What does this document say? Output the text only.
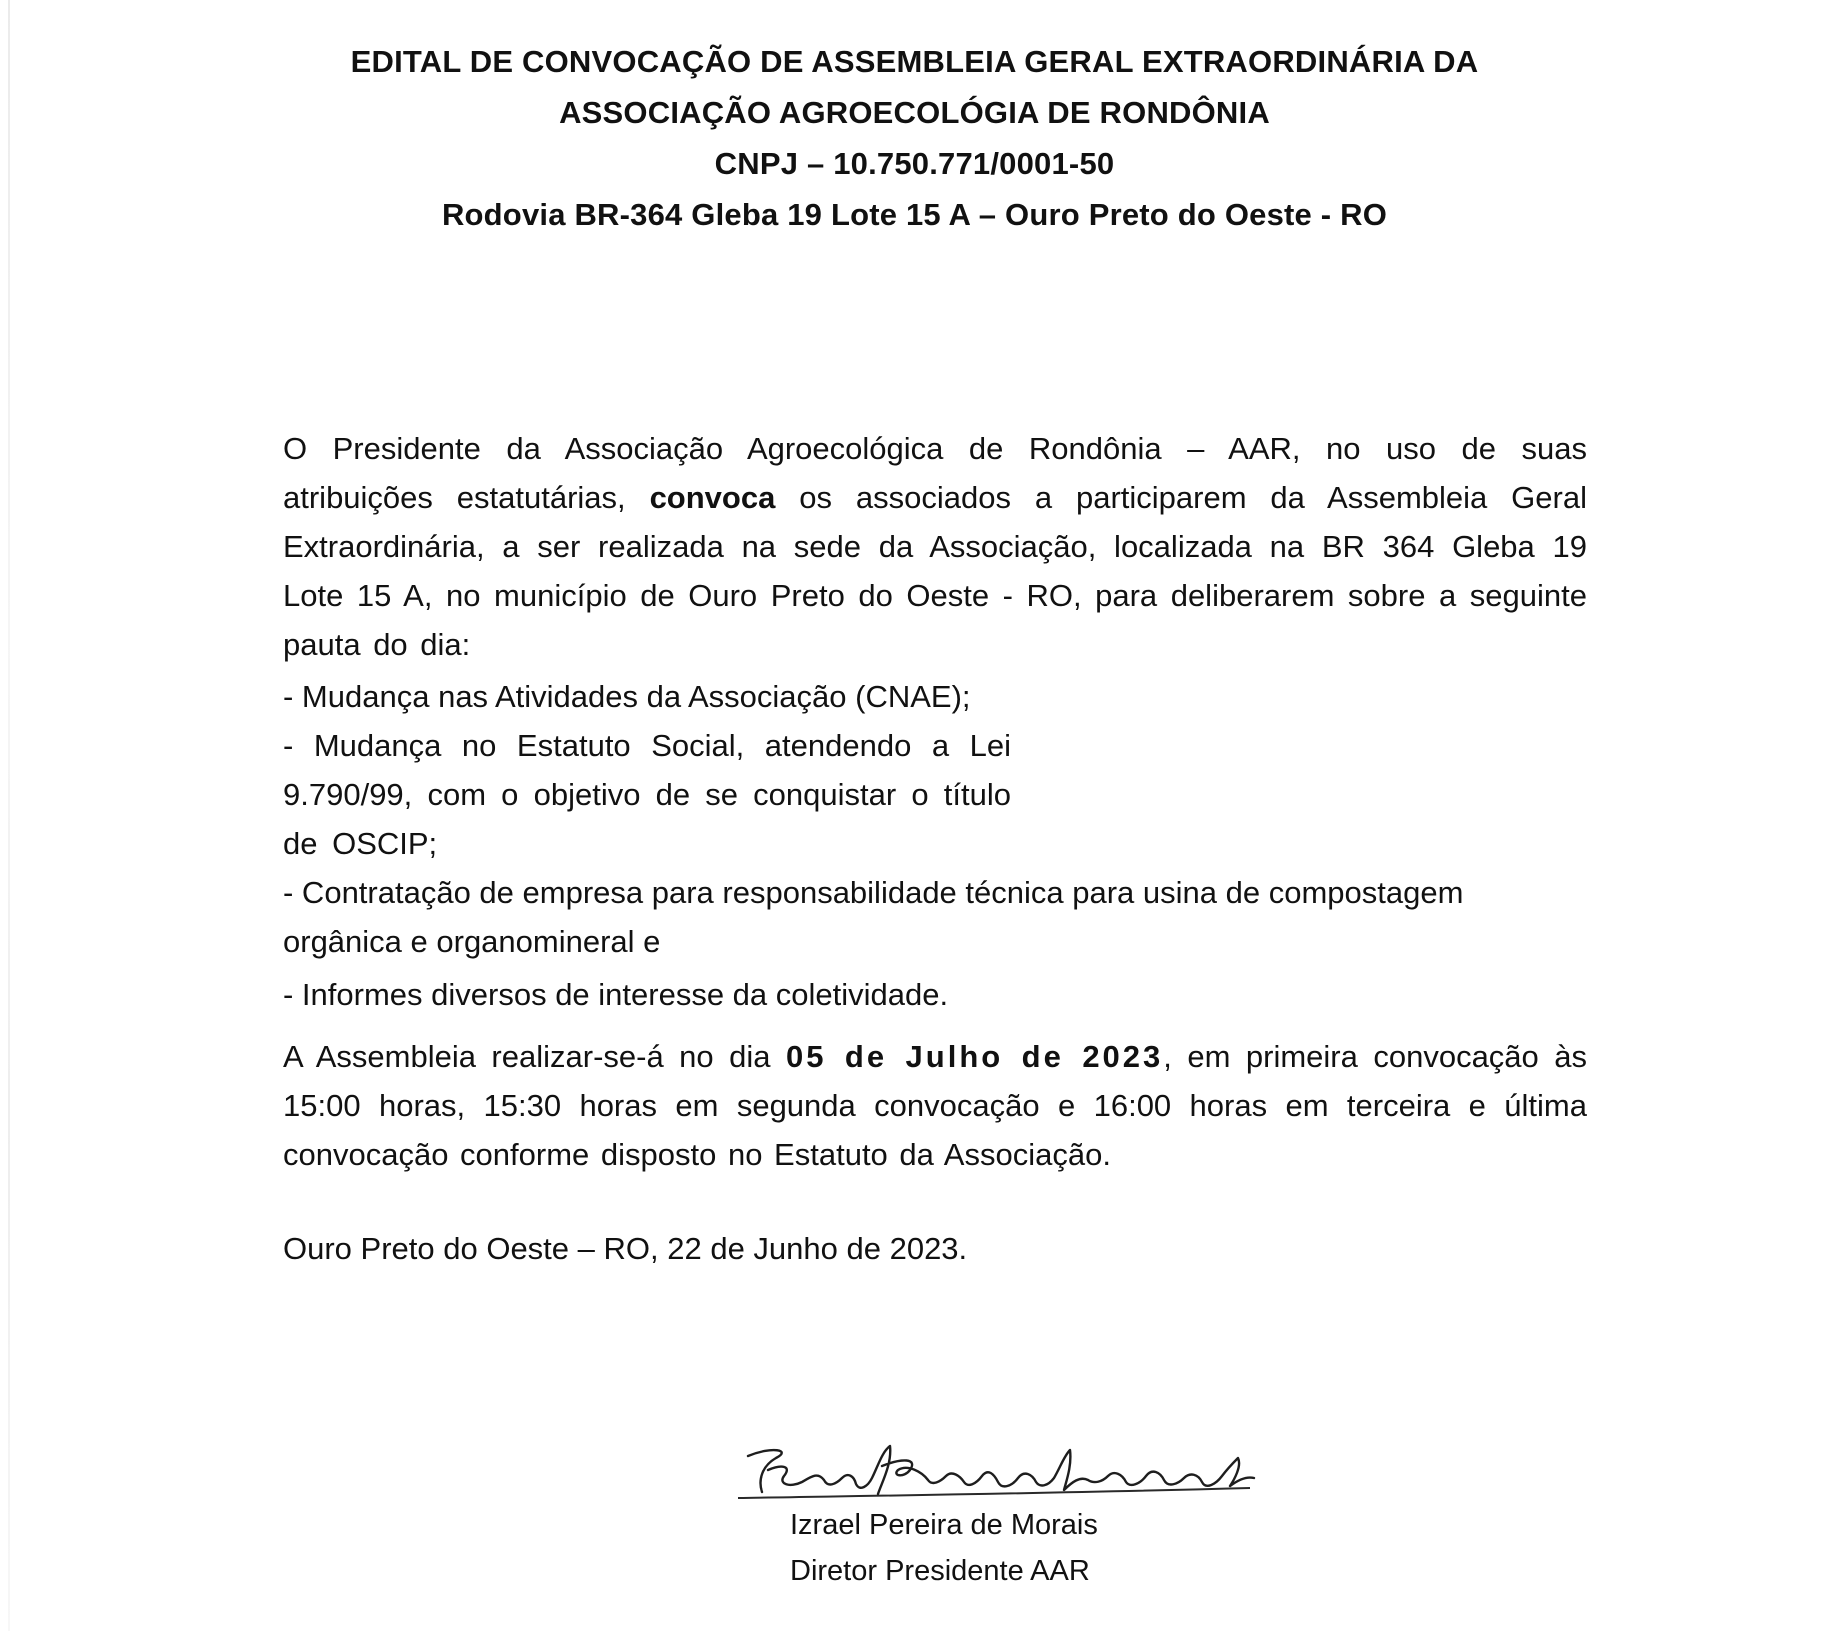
EDITAL DE CONVOCAÇÃO DE ASSEMBLEIA GERAL EXTRAORDINÁRIA DA
ASSOCIAÇÃO AGROECOLÓGIA DE RONDÔNIA
CNPJ – 10.750.771/0001-50
Rodovia BR-364 Gleba 19 Lote 15 A – Ouro Preto do Oeste - RO
O Presidente da Associação Agroecológica de Rondônia – AAR, no uso de suas atribuições estatutárias, convoca os associados a participarem da Assembleia Geral Extraordinária, a ser realizada na sede da Associação, localizada na BR 364 Gleba 19 Lote 15 A, no município de Ouro Preto do Oeste - RO, para deliberarem sobre a seguinte pauta do dia:
- Mudança nas Atividades da Associação (CNAE);
- Mudança no Estatuto Social, atendendo a Lei 9.790/99, com o objetivo de se conquistar o título de OSCIP;
- Contratação de empresa para responsabilidade técnica para usina de compostagem orgânica e organomineral e
- Informes diversos de interesse da coletividade.
A Assembleia realizar-se-á no dia 05 de Julho de 2023, em primeira convocação às 15:00 horas, 15:30 horas em segunda convocação e 16:00 horas em terceira e última convocação conforme disposto no Estatuto da Associação.
Ouro Preto do Oeste – RO, 22 de Junho de 2023.
Izrael Pereira de Morais
Diretor Presidente AAR
